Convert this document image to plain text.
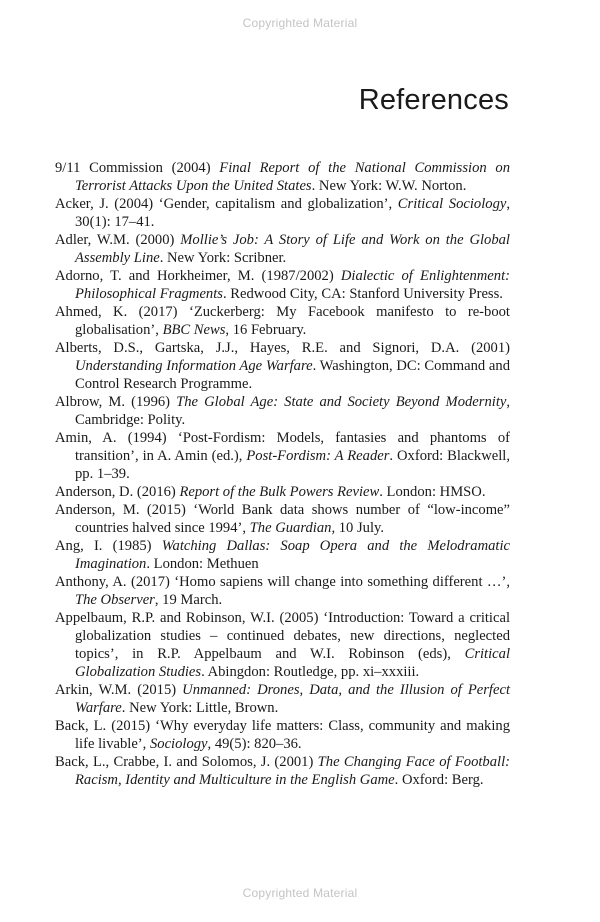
Copyrighted Material
References
9/11 Commission (2004) Final Report of the National Commission on Terrorist Attacks Upon the United States. New York: W.W. Norton.
Acker, J. (2004) ‘Gender, capitalism and globalization’, Critical Sociology, 30(1): 17–41.
Adler, W.M. (2000) Mollie’s Job: A Story of Life and Work on the Global Assembly Line. New York: Scribner.
Adorno, T. and Horkheimer, M. (1987/2002) Dialectic of Enlightenment: Philosophical Fragments. Redwood City, CA: Stanford University Press.
Ahmed, K. (2017) ‘Zuckerberg: My Facebook manifesto to re-boot globalisation’, BBC News, 16 February.
Alberts, D.S., Gartska, J.J., Hayes, R.E. and Signori, D.A. (2001) Understanding Information Age Warfare. Washington, DC: Command and Control Research Programme.
Albrow, M. (1996) The Global Age: State and Society Beyond Modernity, Cambridge: Polity.
Amin, A. (1994) ‘Post-Fordism: Models, fantasies and phantoms of transition’, in A. Amin (ed.), Post-Fordism: A Reader. Oxford: Blackwell, pp. 1–39.
Anderson, D. (2016) Report of the Bulk Powers Review. London: HMSO.
Anderson, M. (2015) ‘World Bank data shows number of “low-income” countries halved since 1994’, The Guardian, 10 July.
Ang, I. (1985) Watching Dallas: Soap Opera and the Melodramatic Imagination. London: Methuen
Anthony, A. (2017) ‘Homo sapiens will change into something different …’, The Observer, 19 March.
Appelbaum, R.P. and Robinson, W.I. (2005) ‘Introduction: Toward a critical globalization studies – continued debates, new directions, neglected topics’, in R.P. Appelbaum and W.I. Robinson (eds), Critical Globalization Studies. Abingdon: Routledge, pp. xi–xxxiii.
Arkin, W.M. (2015) Unmanned: Drones, Data, and the Illusion of Perfect Warfare. New York: Little, Brown.
Back, L. (2015) ‘Why everyday life matters: Class, community and making life livable’, Sociology, 49(5): 820–36.
Back, L., Crabbe, I. and Solomos, J. (2001) The Changing Face of Football: Racism, Identity and Multiculture in the English Game. Oxford: Berg.
Copyrighted Material
